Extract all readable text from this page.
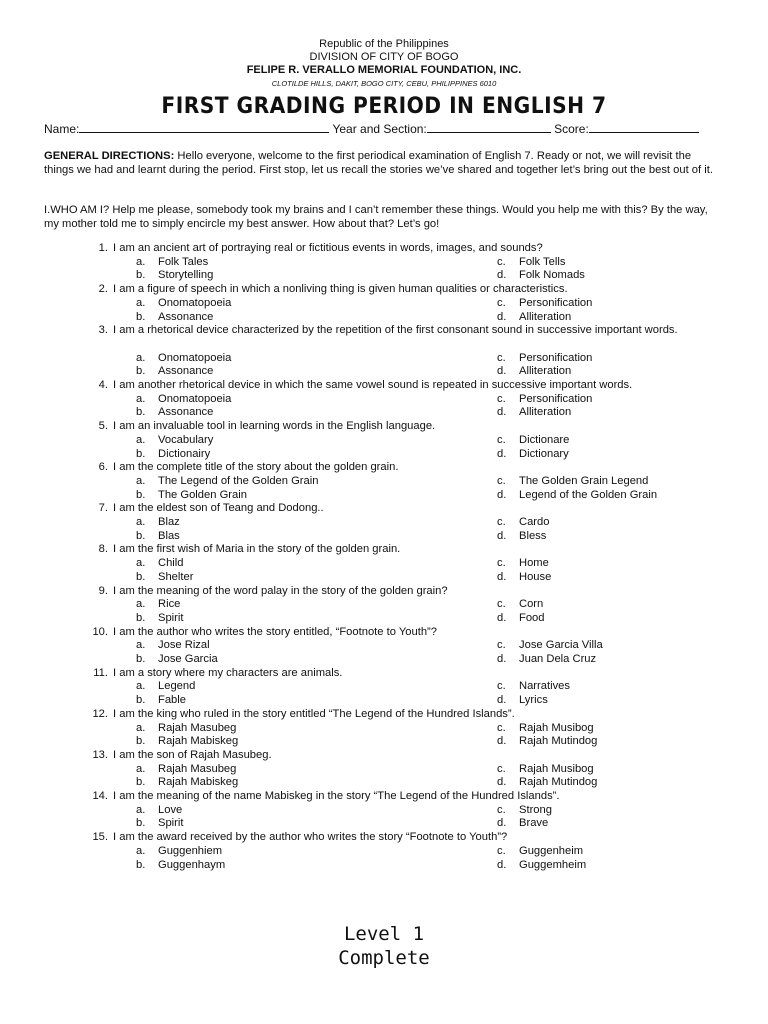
Republic of the Philippines
DIVISION OF CITY OF BOGO
FELIPE R. VERALLO MEMORIAL FOUNDATION, INC.
CLOTILDE HILLS, DAKIT, BOGO CITY, CEBU, PHILIPPINES 6010
FIRST GRADING PERIOD IN ENGLISH 7
Name:	Year and Section:	Score:
GENERAL DIRECTIONS: Hello everyone, welcome to the first periodical examination of English 7. Ready or not, we will revisit the things we had and learnt during the period. First stop, let us recall the stories we’ve shared and together let’s bring out the best out of it.
I.WHO AM I? Help me please, somebody took my brains and I can’t remember these things. Would you help me with this? By the way, my mother told me to simply encircle my best answer. How about that? Let’s go!
1. I am an ancient art of portraying real or fictitious events in words, images, and sounds?
a. Folk Tales	c. Folk Tells
b. Storytelling	d. Folk Nomads
2. I am a figure of speech in which a nonliving thing is given human qualities or characteristics.
a. Onomatopoeia	c. Personification
b. Assonance	d. Alliteration
3. I am a rhetorical device characterized by the repetition of the first consonant sound in successive important words.
a. Onomatopoeia	c. Personification
b. Assonance	d. Alliteration
4. I am another rhetorical device in which the same vowel sound is repeated in successive important words.
a. Onomatopoeia	c. Personification
b. Assonance	d. Alliteration
5. I am an invaluable tool in learning words in the English language.
a. Vocabulary	c. Dictionare
b. Dictionairy	d. Dictionary
6. I am the complete title of the story about the golden grain.
a. The Legend of the Golden Grain	c. The Golden Grain Legend
b. The Golden Grain	d. Legend of the Golden Grain
7. I am the eldest son of Teang and Dodong..
a. Blaz	c. Cardo
b. Blas	d. Bless
8. I am the first wish of Maria in the story of the golden grain.
a. Child	c. Home
b. Shelter	d. House
9. I am the meaning of the word palay in the story of the golden grain?
a. Rice	c. Corn
b. Spirit	d. Food
10. I am the author who writes the story entitled, “Footnote to Youth”?
a. Jose Rizal	c. Jose Garcia Villa
b. Jose Garcia	d. Juan Dela Cruz
11. I am a story where my characters are animals.
a. Legend	c. Narratives
b. Fable	d. Lyrics
12. I am the king who ruled in the story entitled “The Legend of the Hundred Islands”.
a. Rajah Masubeg	c. Rajah Musibog
b. Rajah Mabiskeg	d. Rajah Mutindog
13. I am the son of Rajah Masubeg.
a. Rajah Masubeg	c. Rajah Musibog
b. Rajah Mabiskeg	d. Rajah Mutindog
14. I am the meaning of the name Mabiskeg in the story “The Legend of the Hundred Islands”.
a. Love	c. Strong
b. Spirit	d. Brave
15. I am the award received by the author who writes the story “Footnote to Youth”?
a. Guggenhiem	c. Guggenheim
b. Guggenhaym	d. Guggemheim
Level 1
Complete
